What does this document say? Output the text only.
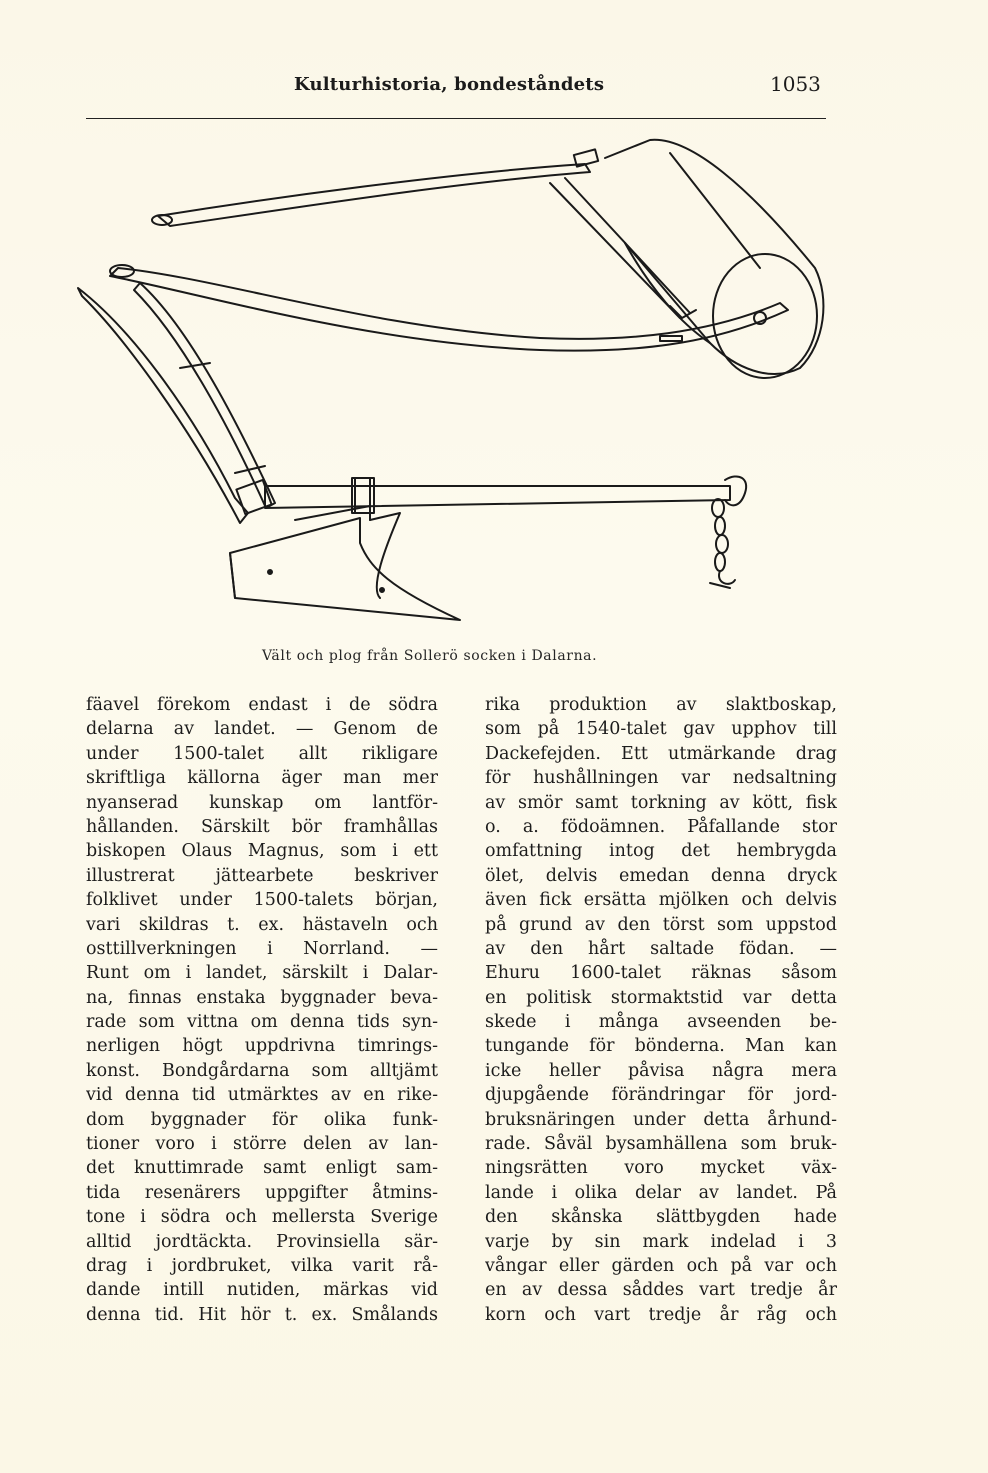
Kulturhistoria, bondeståndets	1053
Vält och plog från Sollerö socken i Dalarna.
fäavel förekom endast i de södra
delarna av landet. — Genom de
under 1500-talet allt rikligare
skriftliga källorna äger man mer
nyanserad kunskap om lantför-
hållanden. Särskilt bör framhållas
biskopen Olaus Magnus, som i ett
illustrerat jättearbete beskriver
folklivet under 1500-talets början,
vari skildras t. ex. hästaveln och
osttillverkningen i Norrland. —
Runt om i landet, särskilt i Dalar-
na, finnas enstaka byggnader beva-
rade som vittna om denna tids syn-
nerligen högt uppdrivna timrings-
konst. Bondgårdarna som alltjämt
vid denna tid utmärktes av en rike-
dom byggnader för olika funk-
tioner voro i större delen av lan-
det knuttimrade samt enligt sam-
tida resenärers uppgifter åtmins-
tone i södra och mellersta Sverige
alltid jordtäckta. Provinsiella sär-
drag i jordbruket, vilka varit rå-
dande intill nutiden, märkas vid
denna tid. Hit hör t. ex. Smålands
rika produktion av slaktboskap,
som på 1540-talet gav upphov till
Dackefejden. Ett utmärkande drag
för hushållningen var nedsaltning
av smör samt torkning av kött, fisk
o. a. födoämnen. Påfallande stor
omfattning intog det hembrygda
ölet, delvis emedan denna dryck
även fick ersätta mjölken och delvis
på grund av den törst som uppstod
av den hårt saltade födan. —
Ehuru 1600-talet räknas såsom
en politisk stormaktstid var detta
skede i många avseenden be-
tungande för bönderna. Man kan
icke heller påvisa några mera
djupgående förändringar för jord-
bruksnäringen under detta århund-
rade. Såväl bysamhällena som bruk-
ningsrätten voro mycket väx-
lande i olika delar av landet. På
den skånska slättbygden hade
varje by sin mark indelad i 3
vångar eller gärden och på var och
en av dessa såddes vart tredje år
korn och vart tredje år råg och
